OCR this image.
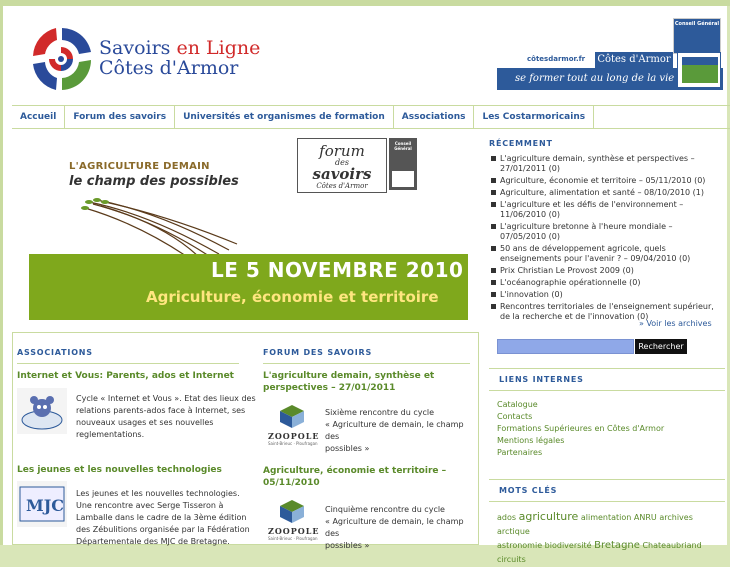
Savoirs en Ligne
Côtes d'Armor
Conseil Général
côtesdarmor.fr Côtes d'Armor
se former tout au long de la vie
Accueil	Forum des savoirs	Universités et organismes de formation	Associations	Les Costarmoricains
L'AGRICULTURE DEMAIN
le champ des possibles
forum
des
savoirs
Côtes d'Armor
Conseil Général
LE 5 NOVEMBRE 2010
Agriculture, économie et territoire
RÉCEMMENT
L'agriculture demain, synthèse et perspectives – 27/01/2011 (0)
Agriculture, économie et territoire – 05/11/2010 (0)
Agriculture, alimentation et santé – 08/10/2010 (1)
L'agriculture et les défis de l'environnement – 11/06/2010 (0)
L'agriculture bretonne à l'heure mondiale – 07/05/2010 (0)
50 ans de développement agricole, quels enseignements pour l'avenir ? – 09/04/2010 (0)
Prix Christian Le Provost 2009 (0)
L'océanographie opérationnelle (0)
L'innovation (0)
Rencontres territoriales de l'enseignement supérieur, de la recherche et de l'innovation (0)
» Voir les archives
Rechercher
LIENS INTERNES
Catalogue
Contacts
Formations Supérieures en Côtes d'Armor
Mentions légales
Partenaires
MOTS CLÉS
ados agriculture alimentation ANRU archives arctique
astronomie biodiversité Bretagne Chateaubriand circuits
ASSOCIATIONS
Internet et Vous: Parents, ados et Internet
Cycle « Internet et Vous ». Etat des lieux des
relations parents-ados face à Internet, ses
nouveaux usages et ses nouvelles
reglementations.
Les jeunes et les nouvelles technologies
MJC
Les jeunes et les nouvelles technologies.
Une rencontre avec Serge Tisseron à
Lamballe dans le cadre de la 3ème édition
des Zébulitions organisée par la Fédération
Départementale des MJC de Bretagne.
FORUM DES SAVOIRS
L'agriculture demain, synthèse et
perspectives – 27/01/2011
ZOOPOLE
Saint-Brieuc · Ploufragan
Sixième rencontre du cycle
« Agriculture de demain, le champ des
possibles »
Agriculture, économie et territoire –
05/11/2010
ZOOPOLE
Saint-Brieuc · Ploufragan
Cinquième rencontre du cycle
« Agriculture de demain, le champ des
possibles »
